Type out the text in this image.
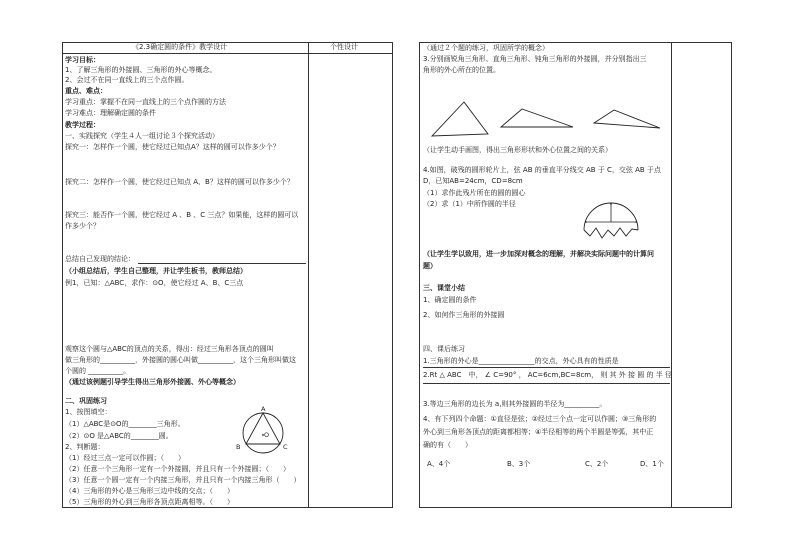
《2.3确定圆的条件》教学设计	个性设计
学习目标：
1、了解三角形的外接圆、三角形的外心等概念。
2、会过不在同一直线上的三个点作圆。
重点、难点：
学习重点：掌握不在同一直线上的三个点作圆的方法
学习难点：理解确定圆的条件
教学过程：
一、实践探究（学生４人一组讨论３个探究活动）
探究一：怎样作一个圆，使它经过已知点A？这样的圆可以作多少个？
探究二：怎样作一个圆，使它经过已知点 A、B？这样的圆可以作多少个？
探究三：能否作一个圆，使它经过 A 、B 、C 三点？如果能，这样的圆可以
作多少个？
总结自己发现的结论：
（小组总结后，学生自己整理，并让学生板书，教师总结）
例1，已知：△ABC，求作：⊙O，使它经过 A、B、C三点
观察这个圆与△ABC的顶点的关系，得出：经过三角形各顶点的圆叫
做三角形的__________，外接圆的圆心叫做__________，这个三角形叫做这
个圆的 __________。
（通过该例题引导学生得出三角形外接圆、外心等概念）
二、巩固练习
1、按图填空：
（1）△ABC是⊙O的________三角形。
（2）⊙O 是△ABC的________圆。
2、判断题：
（1）经过三点一定可以作圆；（　　）
（2）任意一个三角形一定有一个外接圆，并且只有一个外接圆；（　　）
（3）任意一个圆一定有一个内接三角形，并且只有一个内接三角形（　　）
（4）三角形的外心是三角形三边中线的交点；（　　）
（5）三角形的外心到三角形各顶点距离相等。（　　）
A
B	C
O
（通过２个题的练习，巩固所学的概念）
3.分别画锐角三角形、直角三角形、钝角三角形的外接圆，并分别指出三
角形的外心所在的位置。
（让学生动手画图，得出三角形形状和外心位置之间的关系）
4.如图，破残的圆形轮片上，弦 AB 的垂直平分线交 AB 于 C，交弦 AB 于点
D，已知AB=24cm，CD=8cm
（1）求作此残片所在的圆的圆心
（2）求（1）中所作圆的半径
（让学生学以致用，进一步加深对概念的理解，并解决实际问题中的计算问
题）
三、课堂小结
1、确定圆的条件
2、如何作三角形的外接圆
四、课后练习
1.三角形的外心是________________的交点，外心具有的性质是
2.Rt △ ABC　中， ∠ C=90° ， AC=6cm,BC=8cm， 则 其 外 接 圆 的 半 径
3.等边三角形的边长为 a,则其外接圆的半径为__________。
4、有下列四个命题：①直径是弦；②经过三个点一定可以作圆；③三角形的
外心到三角形各顶点的距离都相等；④半径相等的两个半圆是等弧，其中正
确的有（　　）
A、4个	B、3个	C、2个	D、1个
